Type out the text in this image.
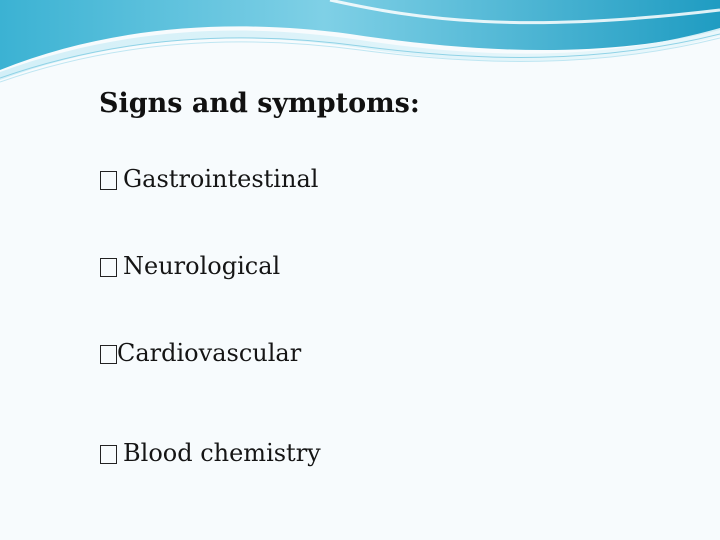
Signs and symptoms:
Gastrointestinal
Neurological
Cardiovascular
Blood chemistry
